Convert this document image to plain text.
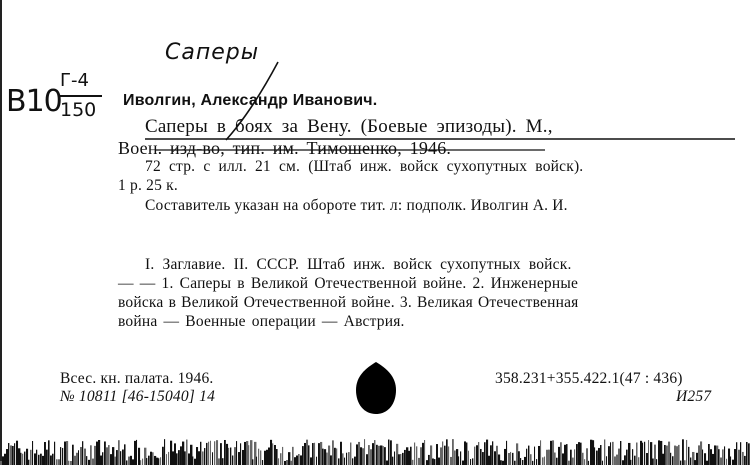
Саперы
В10
Г-4
150 Иволгин, Александр Иванович.
Саперы в боях за Вену. (Боевые эпизоды). М.,
Воен. изд-во, тип. им. Тимошенко, 1946.
72 стр. с илл. 21 см. (Штаб инж. войск сухопутных войск).
1 р. 25 к.
Составитель указан на обороте тит. л: подполк. Иволгин А. И.
I. Заглавие. II. СССР. Штаб инж. войск сухопутных войск.
— — 1. Саперы в Великой Отечественной войне. 2. Инженерные
войска в Великой Отечественной войне. 3. Великая Отечественная
война — Военные операции — Австрия.
Всес. кн. палата. 1946.
№ 10811 [46-15040] 14
358.231+355.422.1(47 : 436)
И257
